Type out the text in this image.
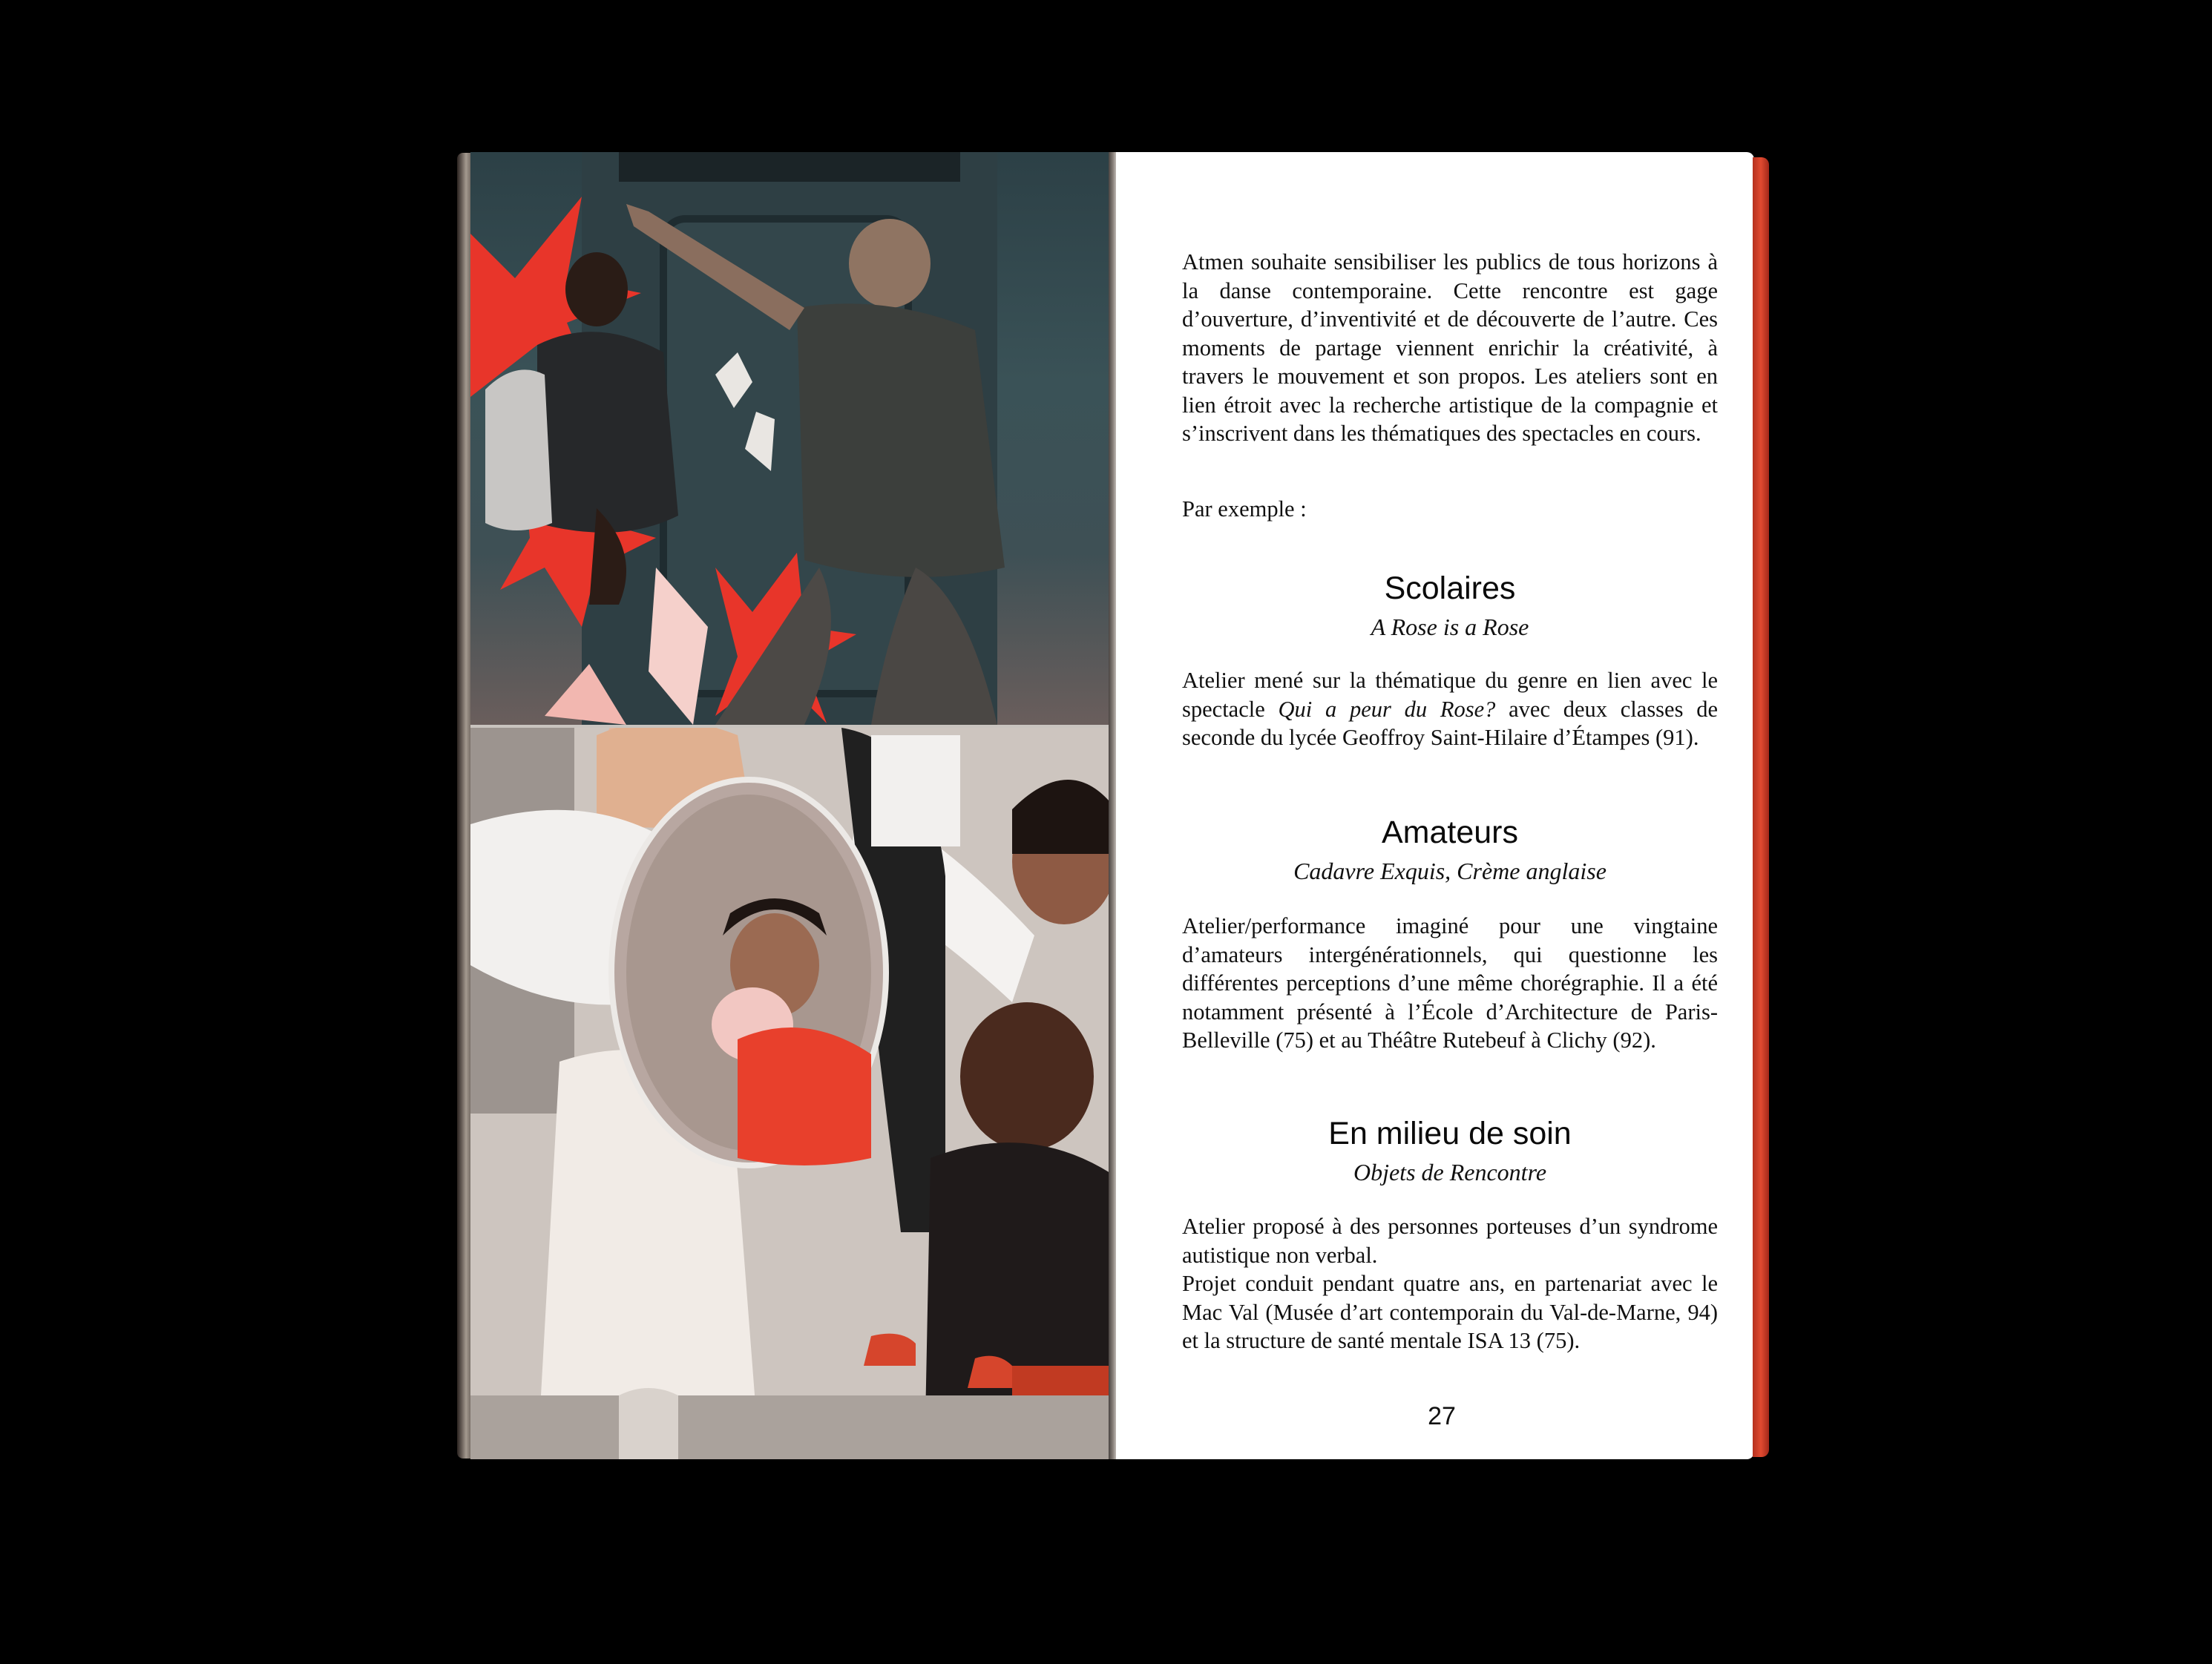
Atmen souhaite sensibiliser les publics de tous horizons à la danse contemporaine. Cette rencontre est gage d’ouverture, d’inventivité et de découverte de l’autre. Ces moments de partage viennent enrichir la créativité, à travers le mouvement et son propos. Les ateliers sont en lien étroit avec la recherche artistique de la compagnie et s’inscrivent dans les thématiques des spectacles en cours.

Par exemple :

Scolaires

A Rose is a Rose

Atelier mené sur la thématique du genre en lien avec le spectacle Qui a peur du Rose? avec deux classes de seconde du lycée Geoffroy Saint-Hilaire d’Étampes (91).

Amateurs

Cadavre Exquis, Crème anglaise

Atelier/performance imaginé pour une vingtaine d’amateurs intergénérationnels, qui questionne les différentes perceptions d’une même chorégraphie. Il a été notamment présenté à l’École d’Architecture de Paris-Belleville (75) et au Théâtre Rutebeuf à Clichy (92).

En milieu de soin

Objets de Rencontre

Atelier proposé à des personnes porteuses d’un syndrome autistique non verbal.

Projet conduit pendant quatre ans, en partenariat avec le Mac Val (Musée d’art contemporain du Val-de-Marne, 94) et la structure de santé mentale ISA 13 (75).

27
